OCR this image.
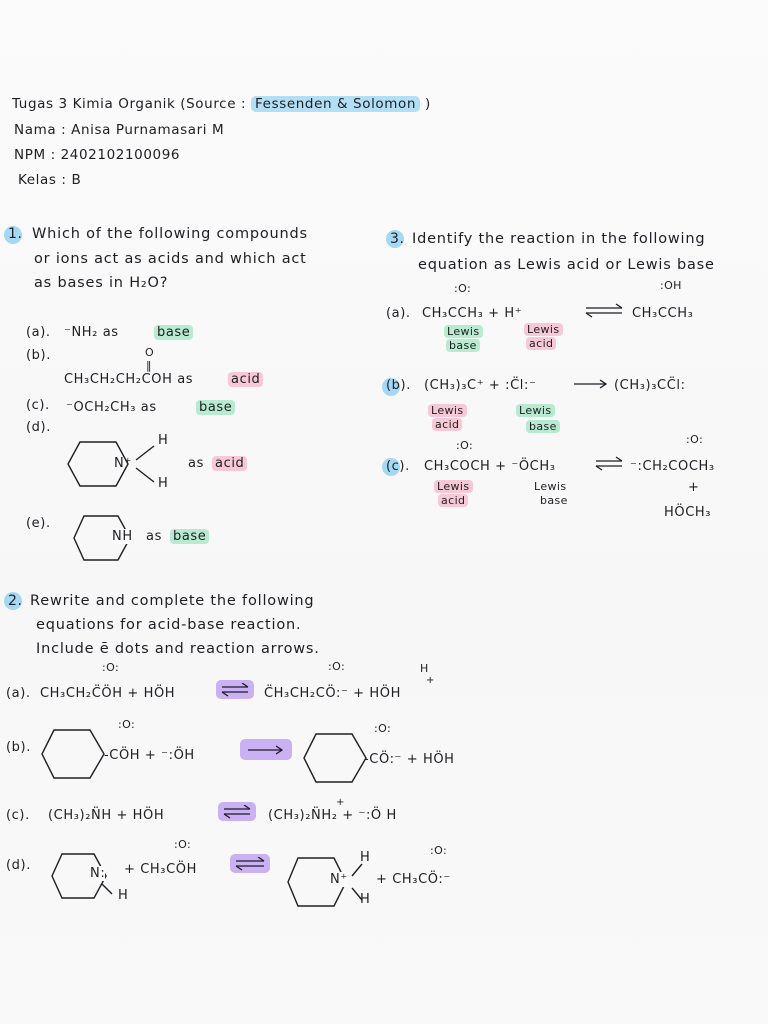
Tugas 3 Kimia Organik (Source : Fessenden & Solomon )
Nama : Anisa Purnamasari M
NPM : 2402102100096
Kelas : B
1. Which of the following compounds
or ions act as acids and which act
as bases in H₂O?
(a). ⁻NH₂ as	base
(b).	O
‖
CH₃CH₂CH₂COH as	acid
(c). ⁻OCH₂CH₃ as	base
(d).
N⁺
H
H
as acid
(e).
NH as base
3. Identify the reaction in the following
equation as Lewis acid or Lewis base
:O:	:OH
(a). CH₃CCH₃ + H⁺	CH₃CCH₃
Lewis
base
Lewis
acid
(b). (CH₃)₃C⁺ + :C̈l:⁻	(CH₃)₃CC̈l:
Lewis
acid
Lewis
base
:O:	:O:
(c). CH₃COCH + ⁻ÖCH₃	⁻:CH₂COCH₃
+
HÖCH₃
Lewis
acid
Lewis
base
2. Rewrite and complete the following
equations for acid-base reaction.
Include ē dots and reaction arrows.
:O:	:O:	H
(a). CH₃CH₂C̈ÖH + HÖH	C̈H₃CH₂CÖ:⁻ + HÖH
+
:O:	:O:
(b).
-CÖH + ⁻:ÖH	-CÖ:⁻ + HÖH
(c). (CH₃)₂N̈H + HÖH
+
(CH₃)₂N̈H₂ + ⁻:Ö H
:O:	:O:
(d).
N:
H
+ CH₃CÖH
N⁺
H
H
+ CH₃CÖ:⁻
